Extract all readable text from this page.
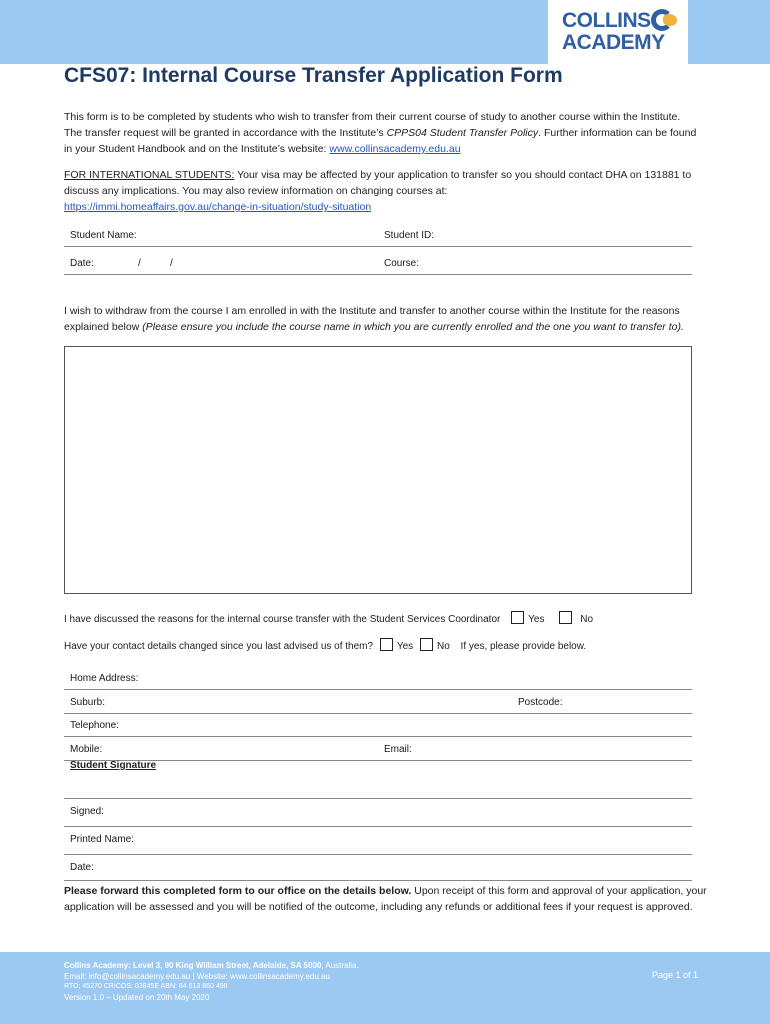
COLLINS
ACADEMY
CFS07: Internal Course Transfer Application Form
This form is to be completed by students who wish to transfer from their current course of study to another course within the Institute.
The transfer request will be granted in accordance with the Institute’s CPPS04 Student Transfer Policy. Further information can be found
in your Student Handbook and on the Institute’s website: www.collinsacademy.edu.au
FOR INTERNATIONAL STUDENTS: Your visa may be affected by your application to transfer so you should contact DHA on 131881 to
discuss any implications. You may also review information on changing courses at:
https://immi.homeaffairs.gov.au/change-in-situation/study-situation
Student Name:	Student ID:
Date:	/	/	Course:
I wish to withdraw from the course I am enrolled in with the Institute and transfer to another course within the Institute for the reasons
explained below (Please ensure you include the course name in which you are currently enrolled and the one you want to transfer to).
I have discussed the reasons for the internal course transfer with the Student Services Coordinator	Yes	No
Have your contact details changed since you last advised us of them? Yes No If yes, please provide below.
Home Address:
Suburb:	Postcode:
Telephone:
Mobile:	Email:
Student Signature
Signed:
Printed Name:
Date:
Please forward this completed form to our office on the details below. Upon receipt of this form and approval of your application, your
application will be assessed and you will be notified of the outcome, including any refunds or additional fees if your request is approved.
Collins Academy: Level 3, 90 King William Street, Adelaide, SA 5000, Australia.
Email: info@collinsacademy.edu.au | Website: www.collinsacademy.edu.au
RTO: 45270 CRICOS: 03845E ABN: 84 613 860 498
Version 1.0 – Updated on 20th May 2020
Page 1 of 1
